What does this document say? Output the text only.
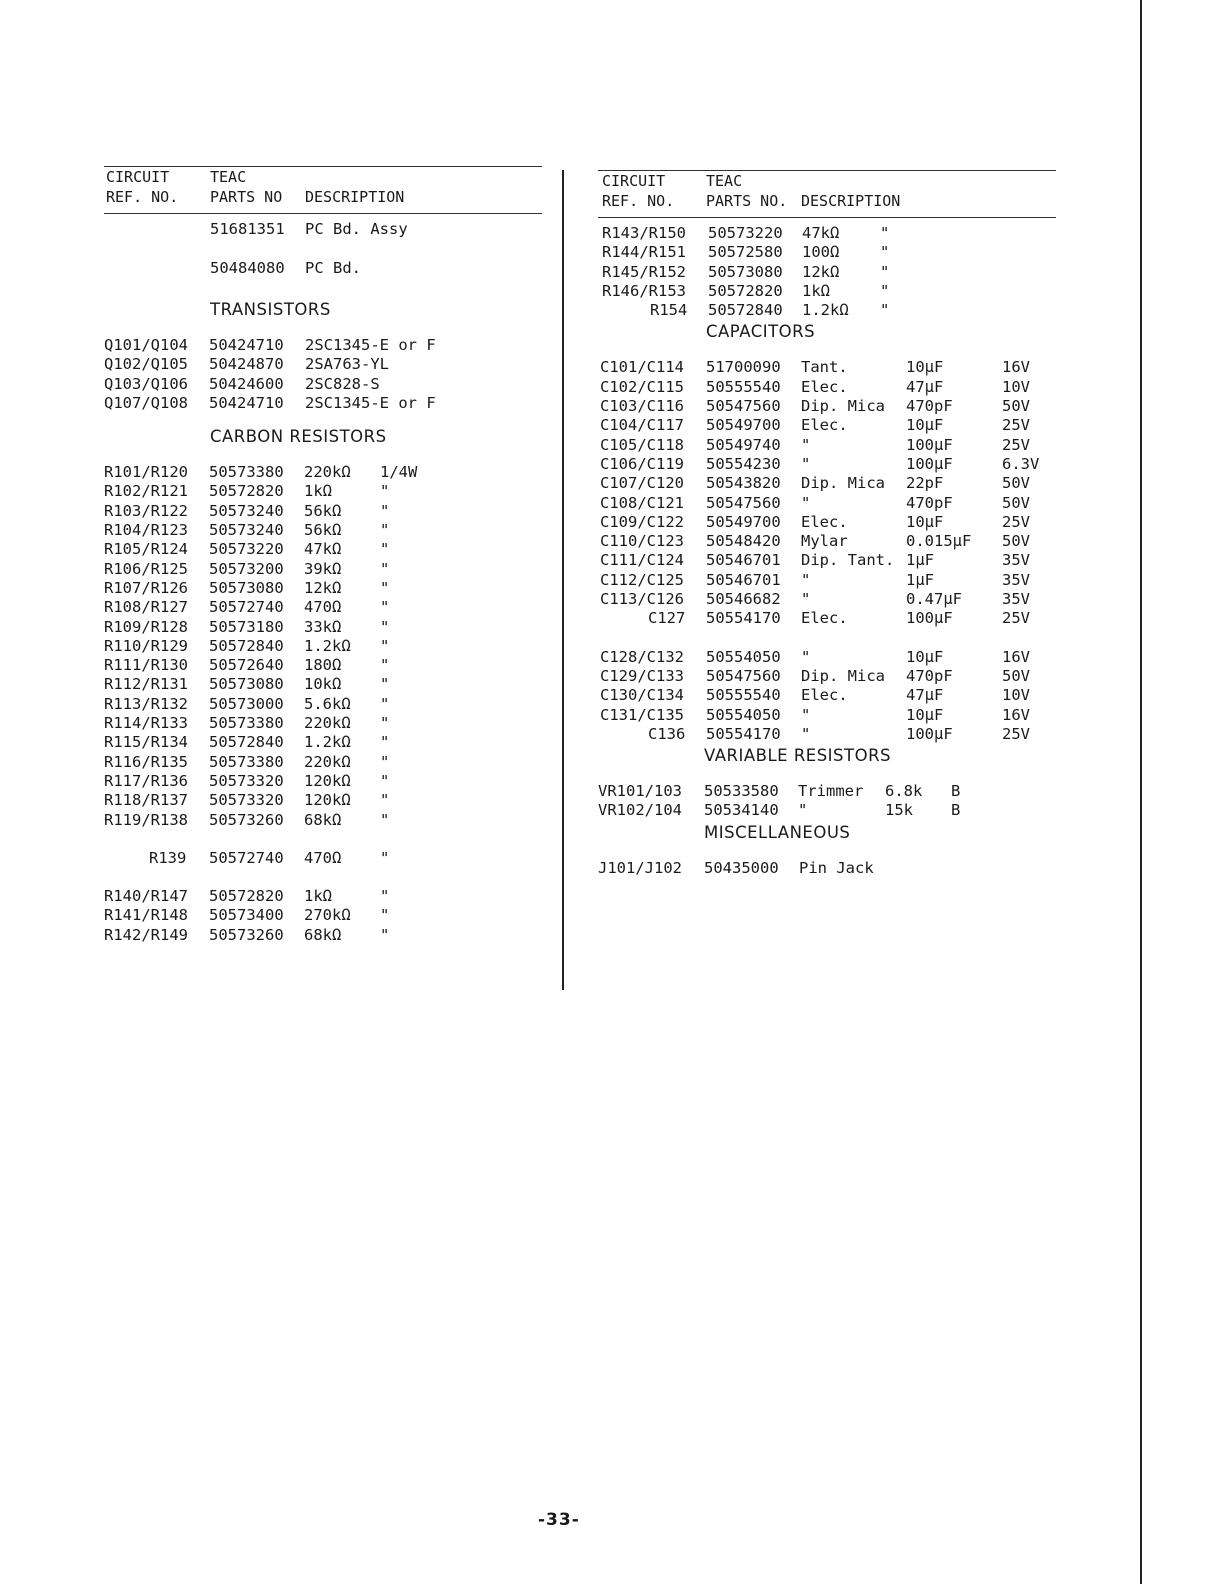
CIRCUIT
REF. NO.
TEAC
PARTS NO DESCRIPTION
51681351 PC Bd. Assy
50484080 PC Bd.
TRANSISTORS
Q101/Q104 50424710 2SC1345-E or F
Q102/Q105 50424870 2SA763-YL
Q103/Q106 50424600 2SC828-S
Q107/Q108 50424710 2SC1345-E or F
CARBON RESISTORS
R101/R120 50573380 220kΩ 1/4W
R102/R121 50572820 1kΩ	"
R103/R122 50573240 56kΩ "
R104/R123 50573240 56kΩ "
R105/R124 50573220 47kΩ "
R106/R125 50573200 39kΩ "
R107/R126 50573080 12kΩ "
R108/R127 50572740 470Ω "
R109/R128 50573180 33kΩ "
R110/R129 50572840 1.2kΩ "
R111/R130 50572640 180Ω "
R112/R131 50573080 10kΩ "
R113/R132 50573000 5.6kΩ "
R114/R133 50573380 220kΩ "
R115/R134 50572840 1.2kΩ "
R116/R135 50573380 220kΩ "
R117/R136 50573320 120kΩ "
R118/R137 50573320 120kΩ "
R119/R138 50573260 68kΩ "
R139 50572740 470Ω "
R140/R147 50572820 1kΩ	"
R141/R148 50573400 270kΩ "
R142/R149 50573260 68kΩ "
CIRCUIT
REF. NO.
TEAC
PARTS NO. DESCRIPTION
R143/R150 50573220 47kΩ	"
R144/R151 50572580 100Ω	"
R145/R152 50573080 12kΩ	"
R146/R153 50572820 1kΩ	"
R154 50572840 1.2kΩ "
CAPACITORS
C101/C114 51700090 Tant.	10μF	16V
C102/C115 50555540 Elec.	47μF	10V
C103/C116 50547560 Dip. Mica 470pF	50V
C104/C117 50549700 Elec.	10μF	25V
C105/C118 50549740 "	100μF	25V
C106/C119 50554230 "	100μF	6.3V
C107/C120 50543820 Dip. Mica 22pF	50V
C108/C121 50547560 "	470pF	50V
C109/C122 50549700 Elec.	10μF	25V
C110/C123 50548420 Mylar	0.015μF 50V
C111/C124 50546701 Dip. Tant. 1μF	35V
C112/C125 50546701 "	1μF	35V
C113/C126 50546682 "	0.47μF	35V
C127 50554170 Elec.	100μF	25V
C128/C132 50554050 "	10μF	16V
C129/C133 50547560 Dip. Mica 470pF	50V
C130/C134 50555540 Elec.	47μF	10V
C131/C135 50554050 "	10μF	16V
C136 50554170 "	100μF	25V
VARIABLE RESISTORS
VR101/103 50533580 Trimmer 6.8k B
VR102/104 50534140 "	15k B
MISCELLANEOUS
J101/J102 50435000 Pin Jack
-33-
